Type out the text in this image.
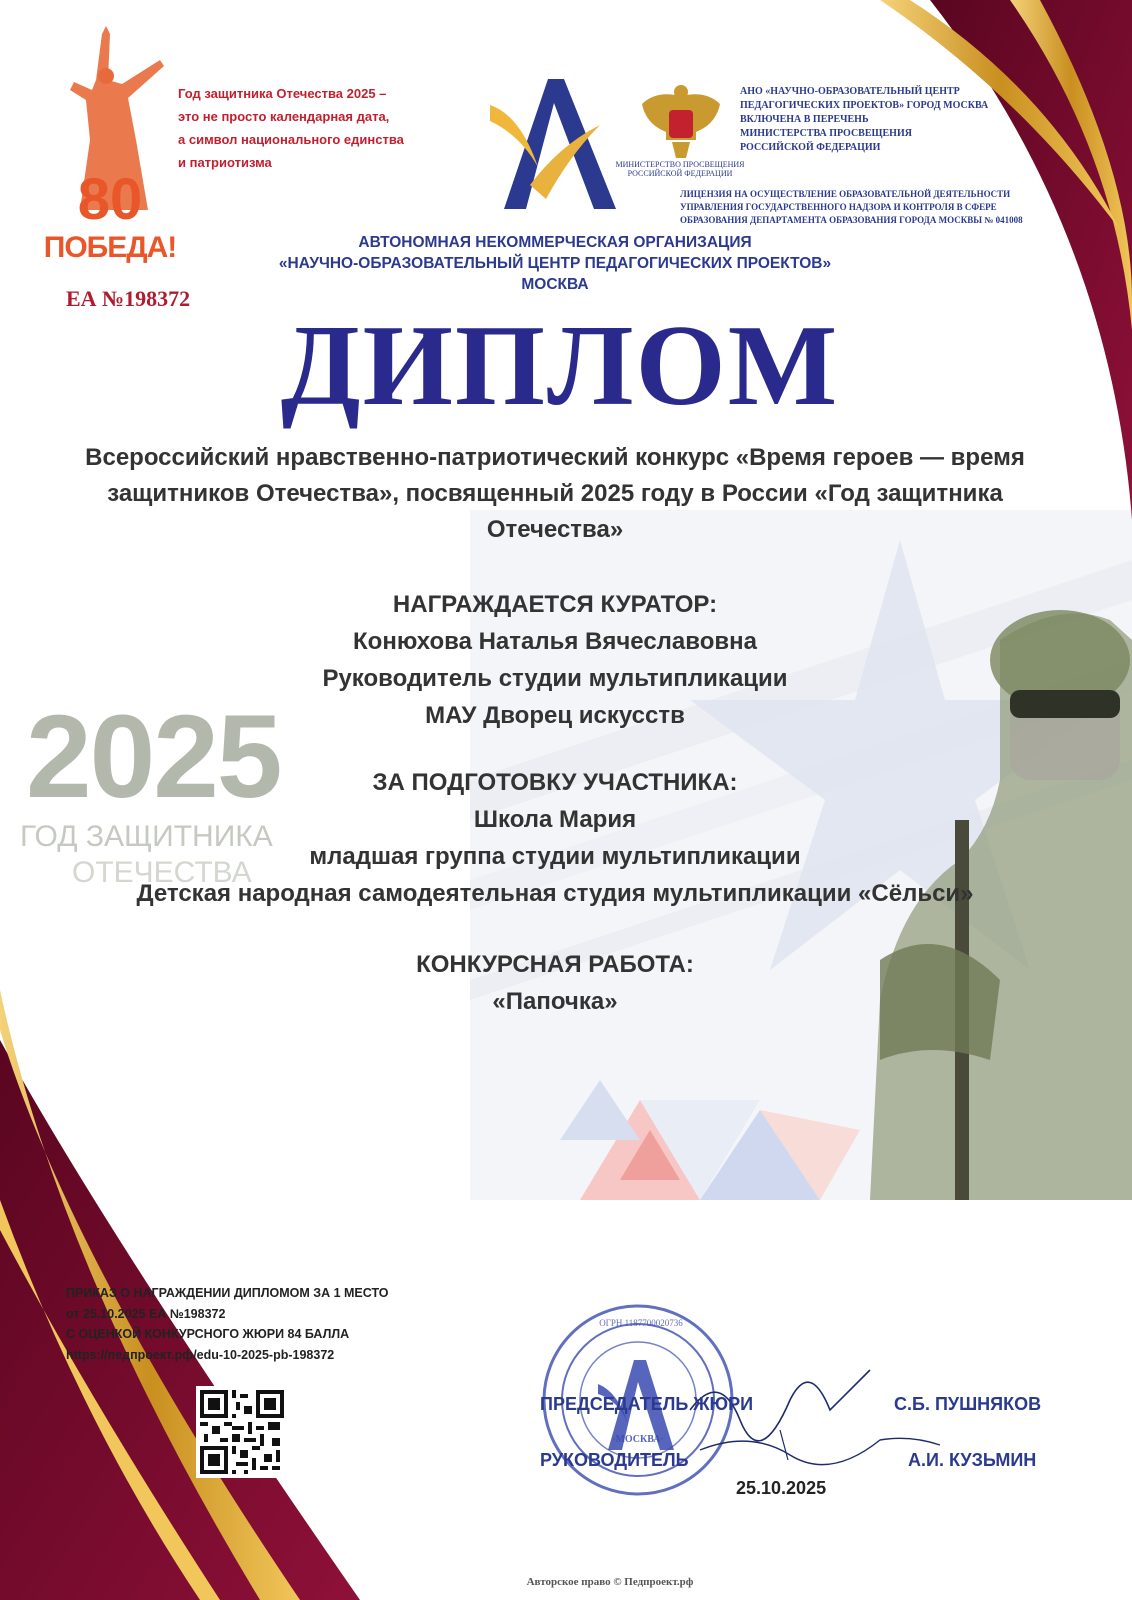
80
ПОБЕДА!
Год защитника Отечества 2025 –
это не просто календарная дата,
а символ национального единства
и патриотизма
ЕА №198372
МИНИСТЕРСТВО ПРОСВЕЩЕНИЯ
РОССИЙСКОЙ ФЕДЕРАЦИИ
АНО «НАУЧНО-ОБРАЗОВАТЕЛЬНЫЙ ЦЕНТР
ПЕДАГОГИЧЕСКИХ ПРОЕКТОВ» ГОРОД МОСКВА
ВКЛЮЧЕНА В ПЕРЕЧЕНЬ
МИНИСТЕРСТВА ПРОСВЕЩЕНИЯ
РОССИЙСКОЙ ФЕДЕРАЦИИ
ЛИЦЕНЗИЯ НА ОСУЩЕСТВЛЕНИЕ ОБРАЗОВАТЕЛЬНОЙ ДЕЯТЕЛЬНОСТИ
УПРАВЛЕНИЯ ГОСУДАРСТВЕННОГО НАДЗОРА И КОНТРОЛЯ В СФЕРЕ
ОБРАЗОВАНИЯ ДЕПАРТАМЕНТА ОБРАЗОВАНИЯ ГОРОДА МОСКВЫ № 041008
АВТОНОМНАЯ НЕКОММЕРЧЕСКАЯ ОРГАНИЗАЦИЯ
«НАУЧНО-ОБРАЗОВАТЕЛЬНЫЙ ЦЕНТР ПЕДАГОГИЧЕСКИХ ПРОЕКТОВ»
МОСКВА
ДИПЛОМ
2025
ГОД ЗАЩИТНИКА
ОТЕЧЕСТВА
Всероссийский нравственно-патриотический конкурс «Время героев — время
защитников Отечества», посвященный 2025 году в России «Год защитника
Отечества»
НАГРАЖДАЕТСЯ КУРАТОР:
Конюхова Наталья Вячеславовна
Руководитель студии мультипликации
МАУ Дворец искусств
ЗА ПОДГОТОВКУ УЧАСТНИКА:
Школа Мария
младшая группа студии мультипликации
Детская народная самодеятельная студия мультипликации «Сёльси»
КОНКУРСНАЯ РАБОТА:
«Папочка»
ПРИКАЗ О НАГРАЖДЕНИИ ДИПЛОМОМ ЗА 1 МЕСТО
от 25.10.2025 ЕА №198372
С ОЦЕНКОЙ КОНКУРСНОГО ЖЮРИ 84 БАЛЛА
https://педпроект.рф/edu-10-2025-pb-198372
·МОСКВА·
ОГРН 1187700020736
ПРЕДСЕДАТЕЛЬ ЖЮРИ	С.Б. ПУШНЯКОВ
РУКОВОДИТЕЛЬ	А.И. КУЗЬМИН
25.10.2025
Авторское право © Педпроект.рф
